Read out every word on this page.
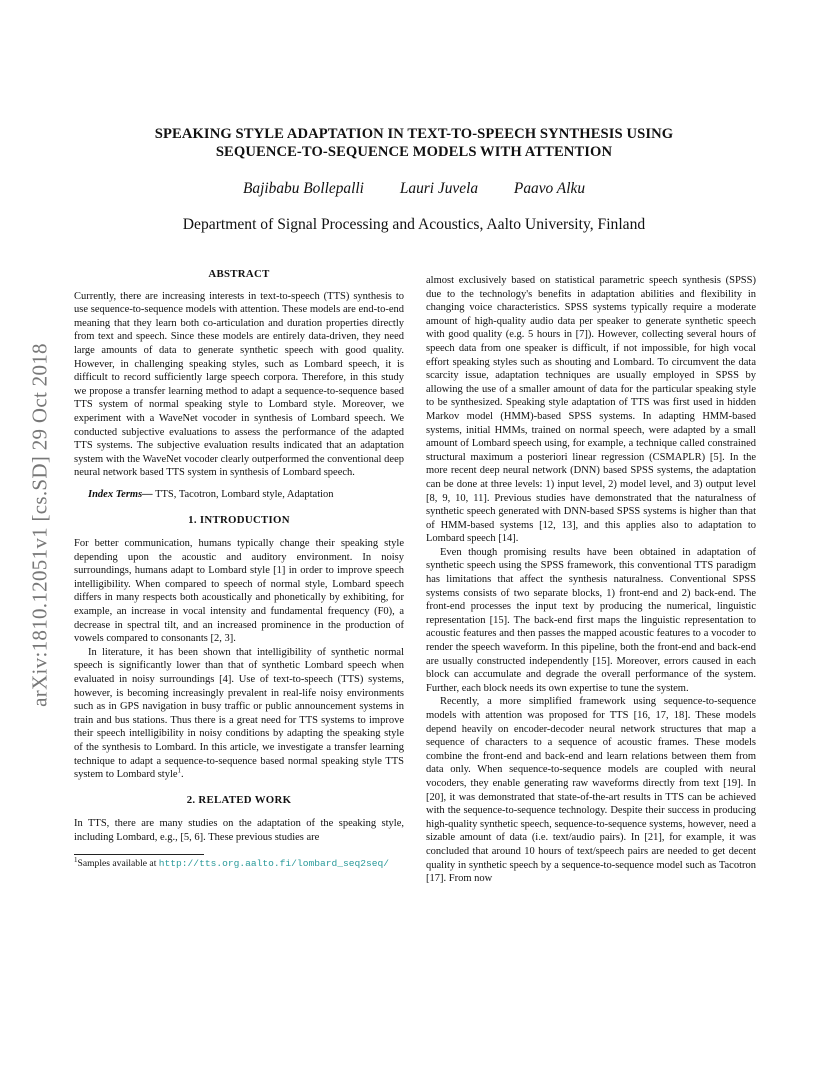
SPEAKING STYLE ADAPTATION IN TEXT-TO-SPEECH SYNTHESIS USING
SEQUENCE-TO-SEQUENCE MODELS WITH ATTENTION
Bajibabu Bollepalli Lauri Juvela Paavo Alku
Department of Signal Processing and Acoustics, Aalto University, Finland
arXiv:1810.12051v1 [cs.SD] 29 Oct 2018
ABSTRACT

Currently, there are increasing interests in text-to-speech (TTS) synthesis to use sequence-to-sequence models with attention. These models are end-to-end meaning that they learn both co-articulation and duration properties directly from text and speech. Since these models are entirely data-driven, they need large amounts of data to generate synthetic speech with good quality. However, in challenging speaking styles, such as Lombard speech, it is difficult to record sufficiently large speech corpora. Therefore, in this study we propose a transfer learning method to adapt a sequence-to-sequence based TTS system of normal speaking style to Lombard style. Moreover, we experiment with a WaveNet vocoder in synthesis of Lombard speech. We conducted subjective evaluations to assess the performance of the adapted TTS systems. The subjective evaluation results indicated that an adaptation system with the WaveNet vocoder clearly outperformed the conventional deep neural network based TTS system in synthesis of Lombard speech.

Index Terms— TTS, Tacotron, Lombard style, Adaptation

1. INTRODUCTION

For better communication, humans typically change their speaking style depending upon the acoustic and auditory environment. In noisy surroundings, humans adapt to Lombard style [1] in order to improve speech intelligibility. When compared to speech of normal style, Lombard speech differs in many respects both acoustically and phonetically by exhibiting, for example, an increase in vocal intensity and fundamental frequency (F0), a decrease in spectral tilt, and an increased prominence in the production of vowels compared to consonants [2, 3].

In literature, it has been shown that intelligibility of synthetic normal speech is significantly lower than that of synthetic Lombard speech when evaluated in noisy surroundings [4]. Use of text-to-speech (TTS) systems, however, is becoming increasingly prevalent in real-life noisy environments such as in GPS navigation in busy traffic or public announcement systems in train and bus stations. Thus there is a great need for TTS systems to improve their speech intelligibility in noisy conditions by adapting the speaking style of the synthesis to Lombard. In this article, we investigate a transfer learning technique to adapt a sequence-to-sequence based normal speaking style TTS system to Lombard style$^1$.

2. RELATED WORK

In TTS, there are many studies on the adaptation of the speaking style, including Lombard, e.g., [5, 6]. These previous studies are

$^1$Samples available at http://tts.org.aalto.fi/lombard_seq2seq/

almost exclusively based on statistical parametric speech synthesis (SPSS) due to the technology's benefits in adaptation abilities and flexibility in changing voice characteristics. SPSS systems typically require a moderate amount of high-quality audio data per speaker to generate synthetic speech with good quality (e.g. 5 hours in [7]). However, collecting several hours of speech data from one speaker is difficult, if not impossible, for high vocal effort speaking styles such as shouting and Lombard. To circumvent the data scarcity issue, adaptation techniques are usually employed in SPSS by allowing the use of a smaller amount of data for the particular speaking style to be synthesized. Speaking style adaptation of TTS was first used in hidden Markov model (HMM)-based SPSS systems. In adapting HMM-based systems, initial HMMs, trained on normal speech, were adapted by a small amount of Lombard speech using, for example, a technique called constrained structural maximum a posteriori linear regression (CSMAPLR) [5]. In the more recent deep neural network (DNN) based SPSS systems, the adaptation can be done at three levels: 1) input level, 2) model level, and 3) output level [8, 9, 10, 11]. Previous studies have demonstrated that the naturalness of synthetic speech generated with DNN-based SPSS systems is higher than that of HMM-based systems [12, 13], and this applies also to adaptation to Lombard speech [14].

Even though promising results have been obtained in adaptation of synthetic speech using the SPSS framework, this conventional TTS paradigm has limitations that affect the synthesis naturalness. Conventional SPSS systems consists of two separate blocks, 1) front-end and 2) back-end. The front-end processes the input text by producing the numerical, linguistic representation [15]. The back-end first maps the linguistic representation to acoustic features and then passes the mapped acoustic features to a vocoder to render the speech waveform. In this pipeline, both the front-end and back-end are usually constructed independently [15]. Moreover, errors caused in each block can accumulate and degrade the overall performance of the system. Further, each block needs its own expertise to tune the system.

Recently, a more simplified framework using sequence-to-sequence models with attention was proposed for TTS [16, 17, 18]. These models depend heavily on encoder-decoder neural network structures that map a sequence of characters to a sequence of acoustic frames. These models combine the front-end and back-end and learn relations between them from data only. When sequence-to-sequence models are coupled with neural vocoders, they enable generating raw waveforms directly from text [19]. In [20], it was demonstrated that state-of-the-art results in TTS can be achieved with the sequence-to-sequence technology. Despite their success in producing high-quality synthetic speech, sequence-to-sequence systems, however, need a sizable amount of data (i.e. text/audio pairs). In [21], for example, it was concluded that around 10 hours of text/speech pairs are needed to get decent quality in synthetic speech by a sequence-to-sequence model such as Tacotron [17]. From now
